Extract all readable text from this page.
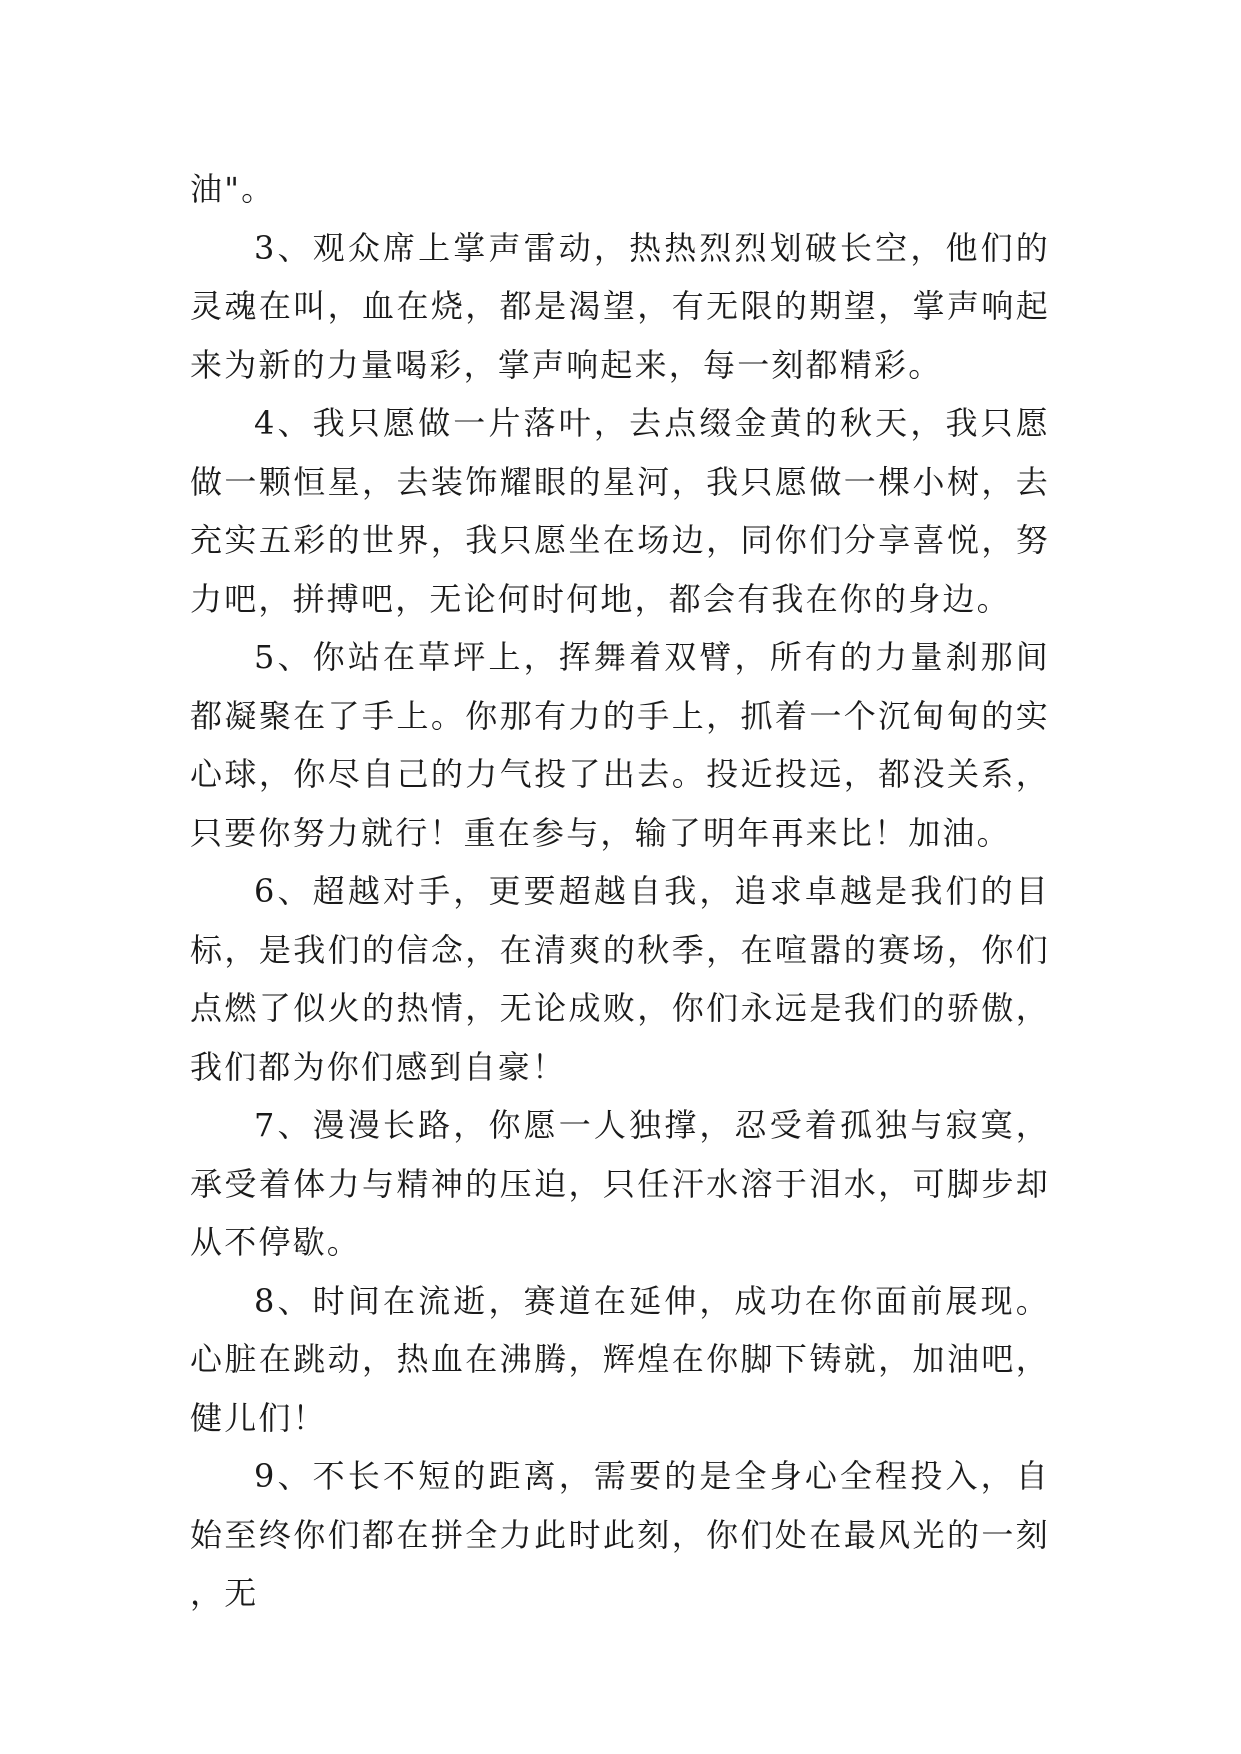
油"。

3、观众席上掌声雷动，热热烈烈划破长空，他们的灵魂在叫，血在烧，都是渴望，有无限的期望，掌声响起来为新的力量喝彩，掌声响起来，每一刻都精彩。

4、我只愿做一片落叶，去点缀金黄的秋天，我只愿做一颗恒星，去装饰耀眼的星河，我只愿做一棵小树，去充实五彩的世界，我只愿坐在场边，同你们分享喜悦，努力吧，拼搏吧，无论何时何地，都会有我在你的身边。

5、你站在草坪上，挥舞着双臂，所有的力量刹那间都凝聚在了手上。你那有力的手上，抓着一个沉甸甸的实心球，你尽自己的力气投了出去。投近投远，都没关系，只要你努力就行！重在参与，输了明年再来比！加油。

6、超越对手，更要超越自我，追求卓越是我们的目标，是我们的信念，在清爽的秋季，在喧嚣的赛场，你们点燃了似火的热情，无论成败，你们永远是我们的骄傲，我们都为你们感到自豪！

7、漫漫长路，你愿一人独撑，忍受着孤独与寂寞，承受着体力与精神的压迫，只任汗水溶于泪水，可脚步却从不停歇。

8、时间在流逝，赛道在延伸，成功在你面前展现。心脏在跳动，热血在沸腾，辉煌在你脚下铸就，加油吧，健儿们！

9、不长不短的距离，需要的是全身心全程投入，自始至终你们都在拼全力此时此刻，你们处在最风光的一刻，无
